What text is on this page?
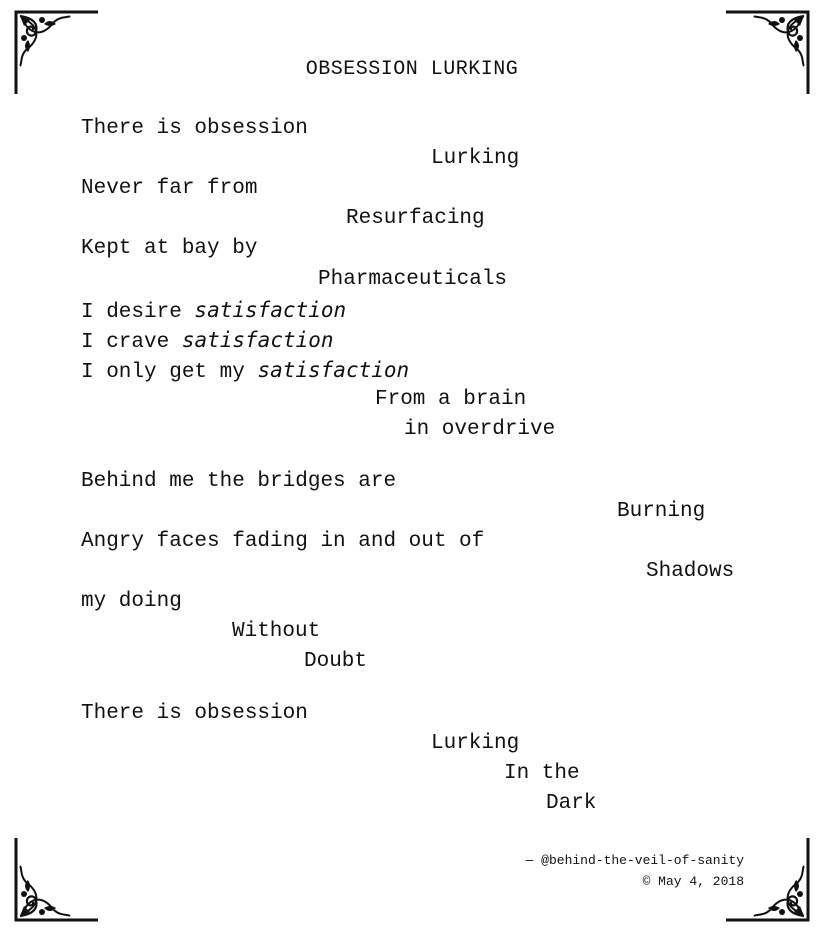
OBSESSION LURKING
There is obsession
Lurking
Never far from
Resurfacing
Kept at bay by
Pharmaceuticals
I desire satisfaction
I crave satisfaction
I only get my satisfaction
From a brain
in overdrive
Behind me the bridges are
Burning
Angry faces fading in and out of
Shadows
my doing
Without
Doubt
There is obsession
Lurking
In the
Dark
— @behind-the-veil-of-sanity
© May 4, 2018
